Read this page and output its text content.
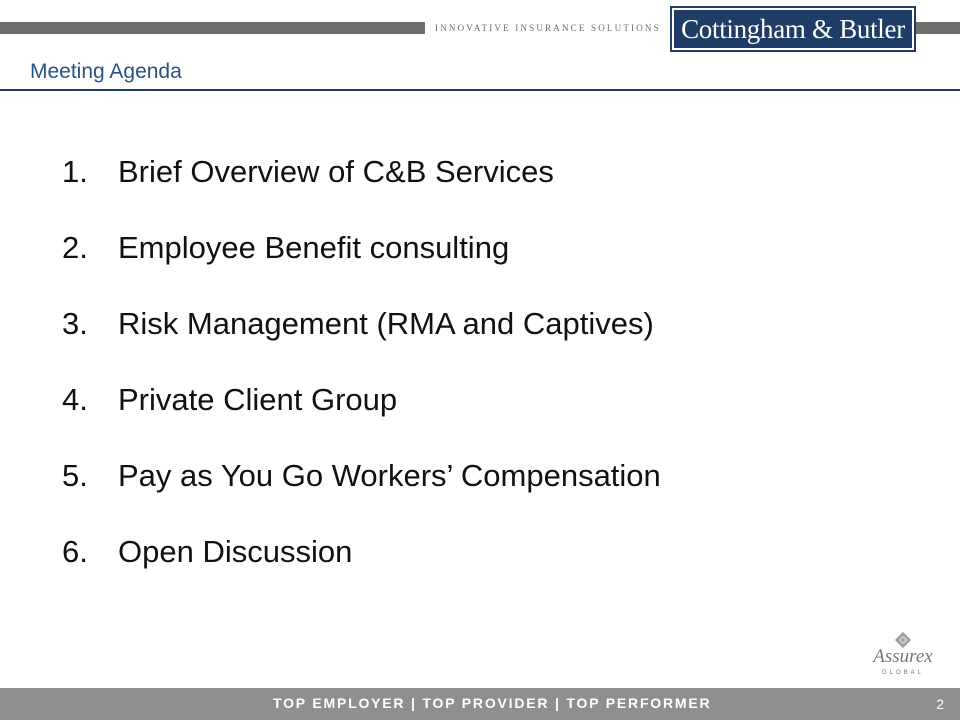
INNOVATIVE INSURANCE SOLUTIONS Cottingham & Butler
Meeting Agenda
1. Brief Overview of C&B Services
2. Employee Benefit consulting
3. Risk Management (RMA and Captives)
4. Private Client Group
5. Pay as You Go Workers’ Compensation
6. Open Discussion
Assurex
GLOBAL
TOP EMPLOYER | TOP PROVIDER | TOP PERFORMER	2
